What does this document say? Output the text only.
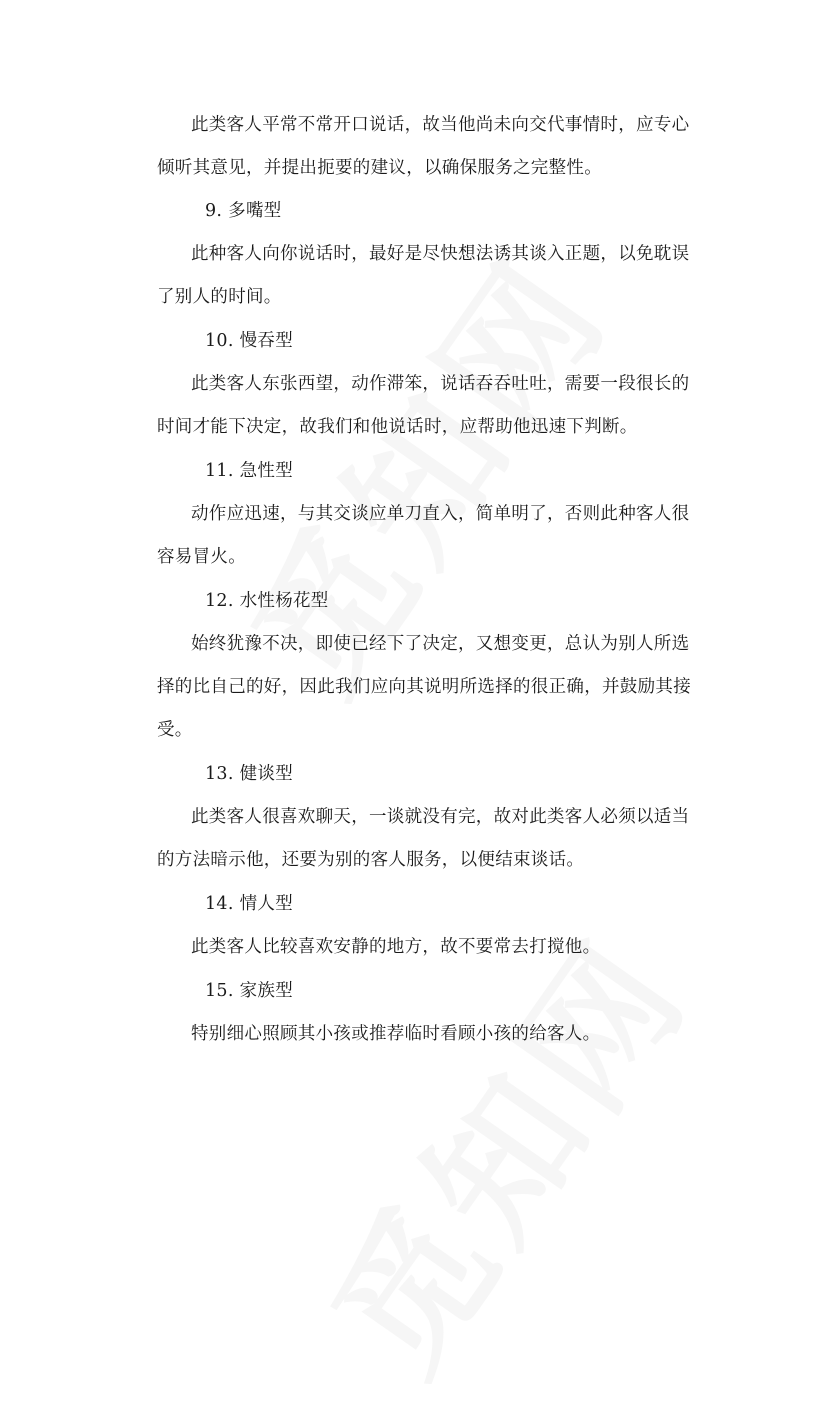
此类客人平常不常开口说话，故当他尚未向交代事情时，应专心
倾听其意见，并提出扼要的建议，以确保服务之完整性。
9. 多嘴型
此种客人向你说话时，最好是尽快想法诱其谈入正题，以免耽误
了别人的时间。
10. 慢吞型
此类客人东张西望，动作滞笨，说话吞吞吐吐，需要一段很长的
时间才能下决定，故我们和他说话时，应帮助他迅速下判断。
11. 急性型
动作应迅速，与其交谈应单刀直入，简单明了，否则此种客人很
容易冒火。
12. 水性杨花型
始终犹豫不决，即使已经下了决定，又想变更，总认为别人所选
择的比自己的好，因此我们应向其说明所选择的很正确，并鼓励其接
受。
13. 健谈型
此类客人很喜欢聊天，一谈就没有完，故对此类客人必须以适当
的方法暗示他，还要为别的客人服务，以便结束谈话。
14. 情人型
此类客人比较喜欢安静的地方，故不要常去打搅他。
15. 家族型
特别细心照顾其小孩或推荐临时看顾小孩的给客人。
